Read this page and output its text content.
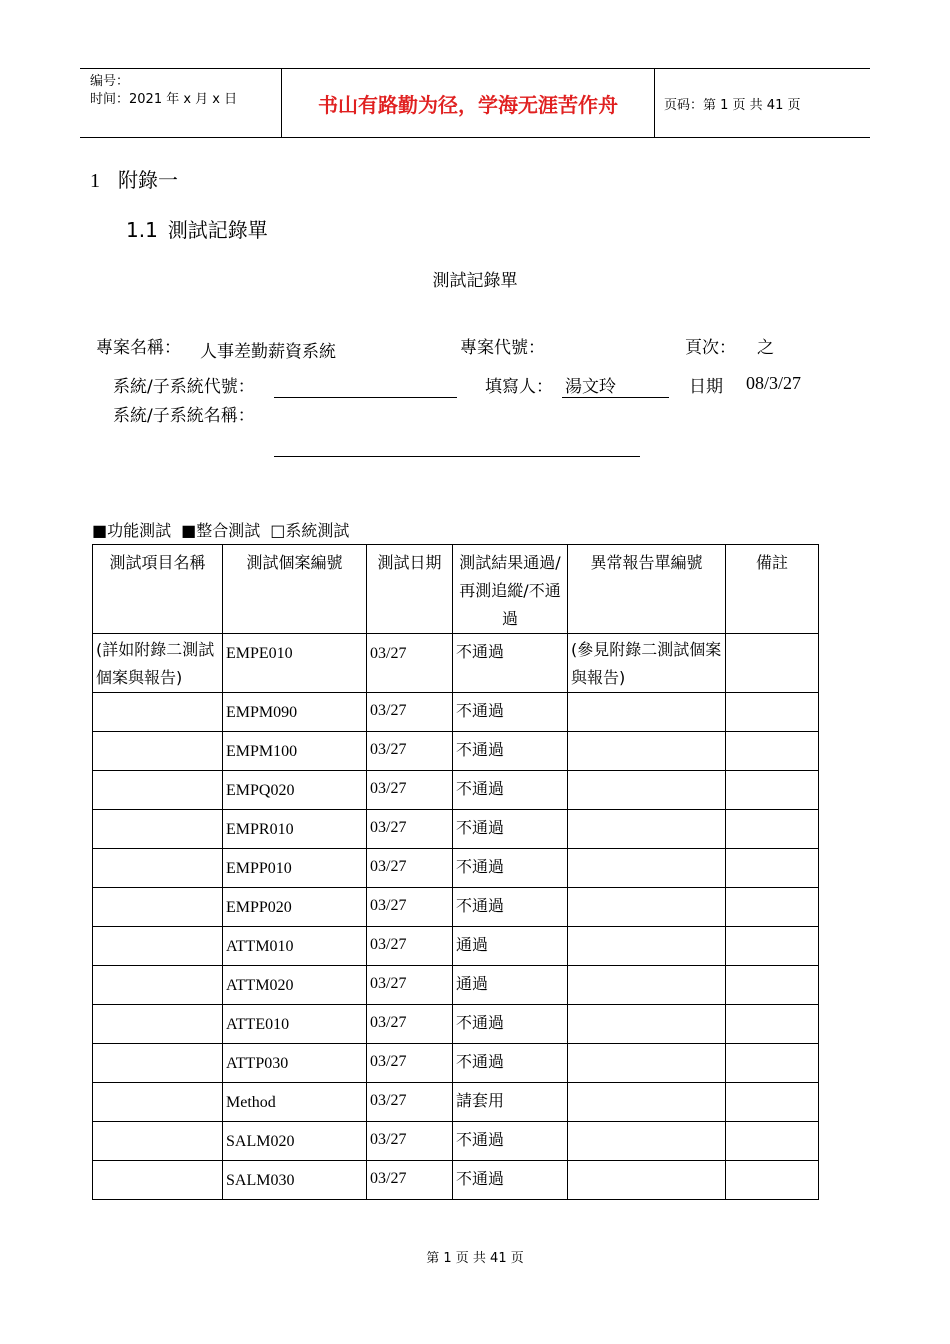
编号：
时间：2021 年 x 月 x 日	书山有路勤为径，学海无涯苦作舟	页码：第 1 页 共 41 页
1 附錄一
1.1 測試記錄單
測試記錄單
專案名稱： 人事差勤薪資系統	專案代號：	頁次： 之
系統/子系統代號：	填寫人： 湯文玲	日期 08/3/27
系統/子系統名稱：
■功能測試 ■整合測試 □系統測試
測試項目名稱	測試個案編號	測試日期	測試結果通過/再測追縱/不通過	異常報告單編號	備註
(詳如附錄二測試個案與報告)	EMPE010	03/27	不通過	(參見附錄二測試個案與報告)	
	EMPM090	03/27	不通過		
	EMPM100	03/27	不通過		
	EMPQ020	03/27	不通過		
	EMPR010	03/27	不通過		
	EMPP010	03/27	不通過		
	EMPP020	03/27	不通過		
	ATTM010	03/27	通過		
	ATTM020	03/27	通過		
	ATTE010	03/27	不通過		
	ATTP030	03/27	不通過		
	Method	03/27	請套用		
	SALM020	03/27	不通過		
	SALM030	03/27	不通過		
第 1 页 共 41 页
